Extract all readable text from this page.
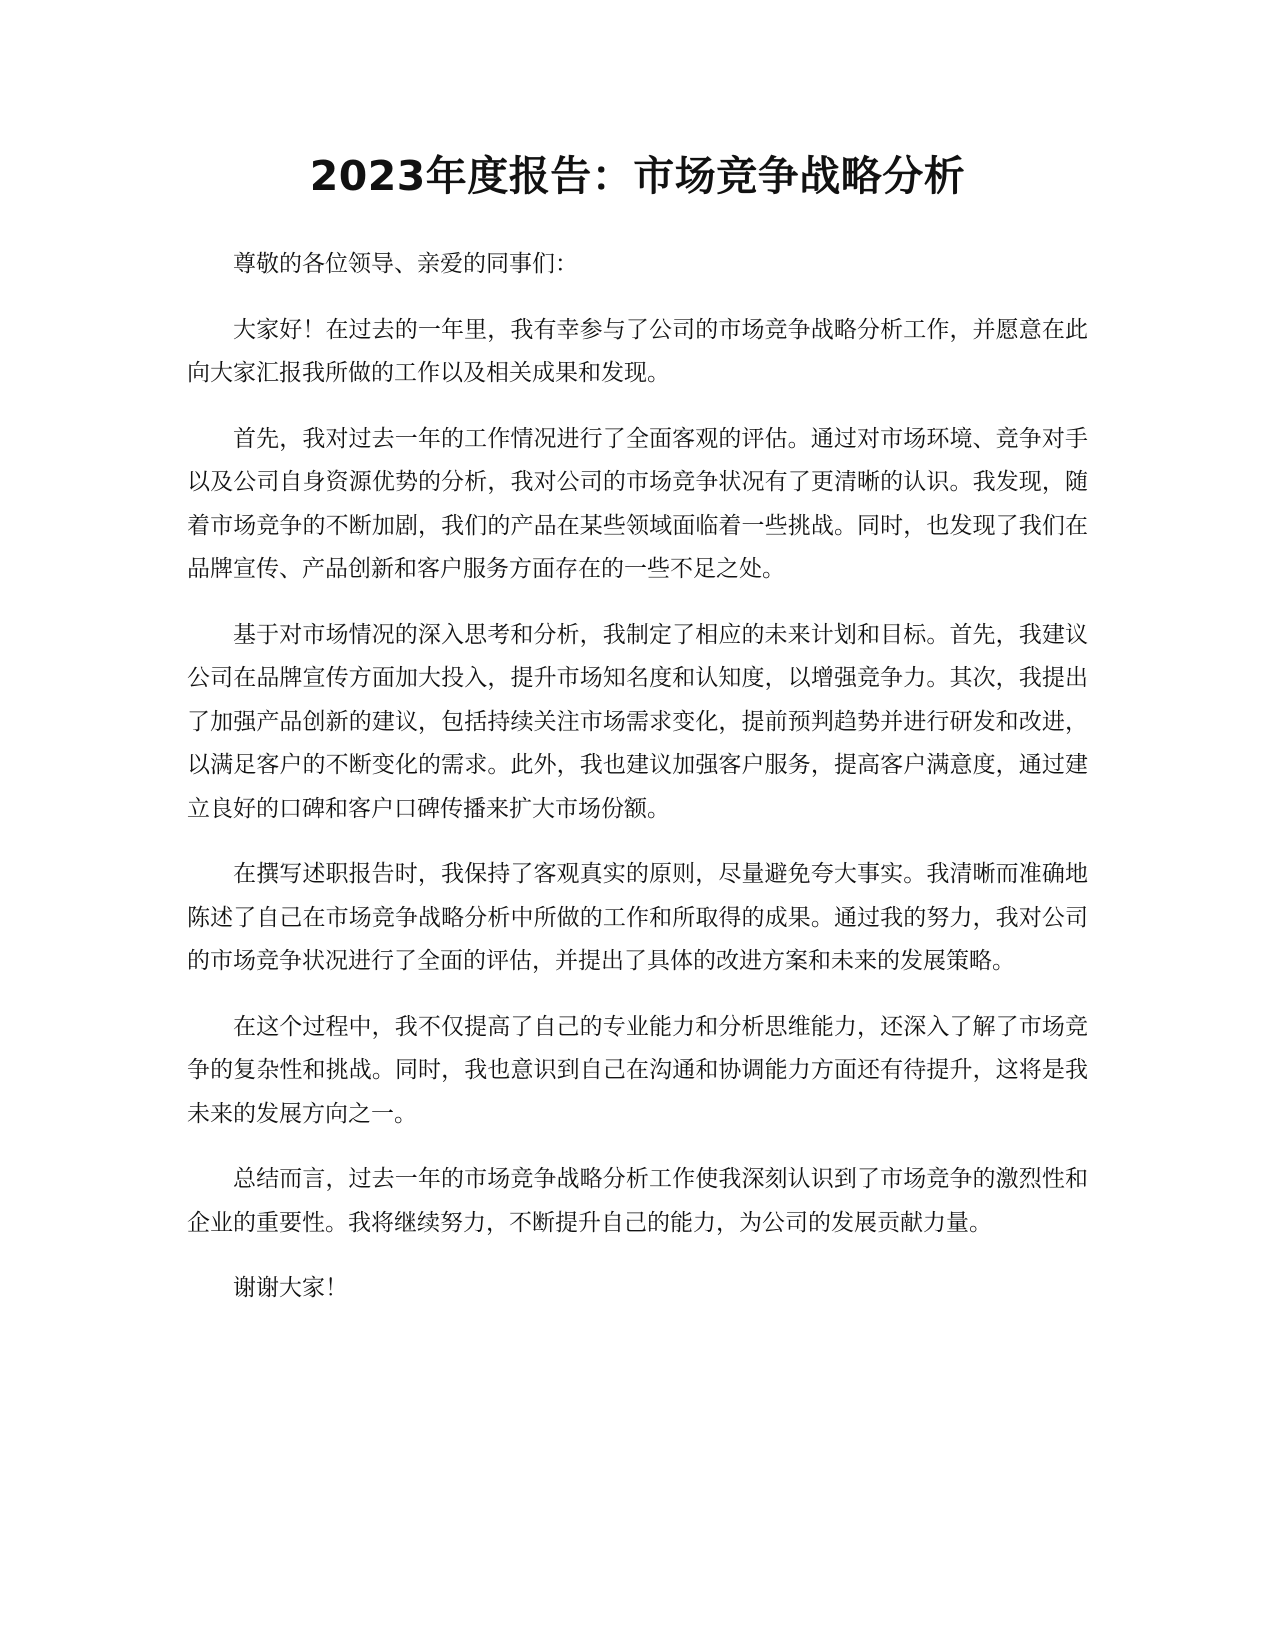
2023年度报告：市场竞争战略分析

尊敬的各位领导、亲爱的同事们：

大家好！在过去的一年里，我有幸参与了公司的市场竞争战略分析工作，并愿意在此向大家汇报我所做的工作以及相关成果和发现。

首先，我对过去一年的工作情况进行了全面客观的评估。通过对市场环境、竞争对手以及公司自身资源优势的分析，我对公司的市场竞争状况有了更清晰的认识。我发现，随着市场竞争的不断加剧，我们的产品在某些领域面临着一些挑战。同时，也发现了我们在品牌宣传、产品创新和客户服务方面存在的一些不足之处。

基于对市场情况的深入思考和分析，我制定了相应的未来计划和目标。首先，我建议公司在品牌宣传方面加大投入，提升市场知名度和认知度，以增强竞争力。其次，我提出了加强产品创新的建议，包括持续关注市场需求变化，提前预判趋势并进行研发和改进，以满足客户的不断变化的需求。此外，我也建议加强客户服务，提高客户满意度，通过建立良好的口碑和客户口碑传播来扩大市场份额。

在撰写述职报告时，我保持了客观真实的原则，尽量避免夸大事实。我清晰而准确地陈述了自己在市场竞争战略分析中所做的工作和所取得的成果。通过我的努力，我对公司的市场竞争状况进行了全面的评估，并提出了具体的改进方案和未来的发展策略。

在这个过程中，我不仅提高了自己的专业能力和分析思维能力，还深入了解了市场竞争的复杂性和挑战。同时，我也意识到自己在沟通和协调能力方面还有待提升，这将是我未来的发展方向之一。

总结而言，过去一年的市场竞争战略分析工作使我深刻认识到了市场竞争的激烈性和企业的重要性。我将继续努力，不断提升自己的能力，为公司的发展贡献力量。

谢谢大家！
